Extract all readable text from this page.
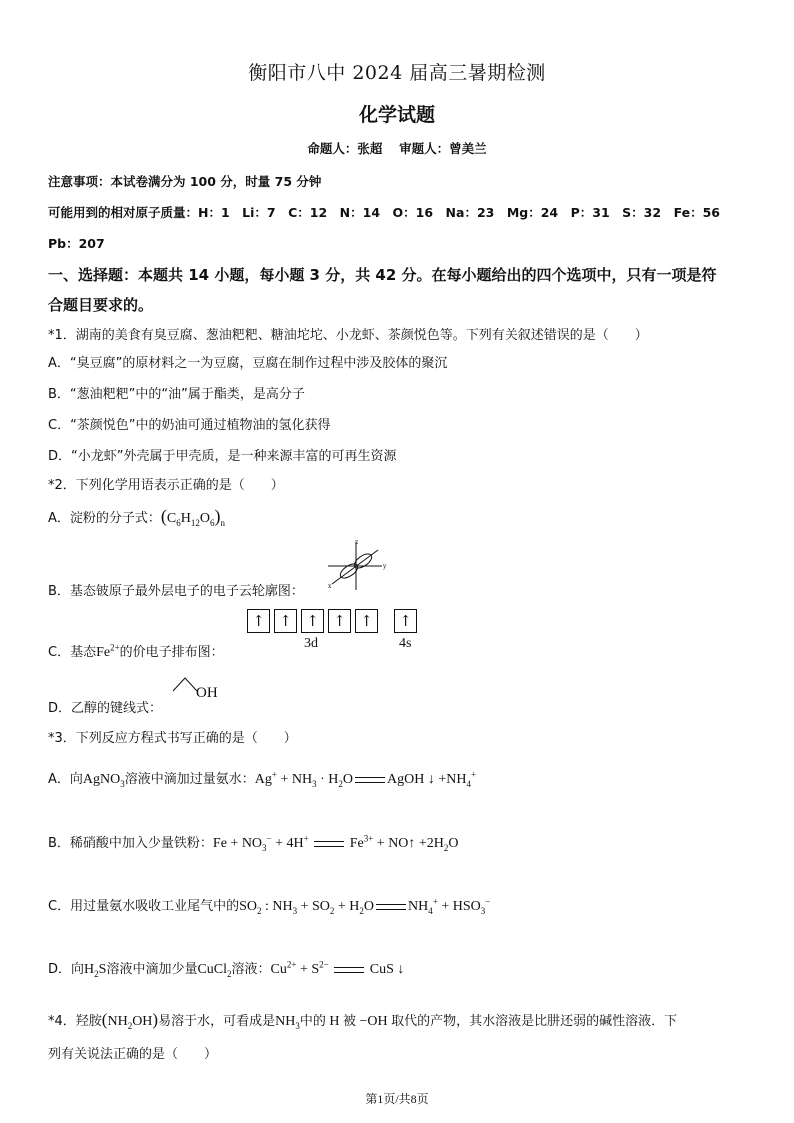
衡阳市八中 2024 届高三暑期检测
化学试题
命题人：张超　 审题人：曾美兰
注意事项：本试卷满分为 100 分，时量 75 分钟
可能用到的相对原子质量：H：1　Li：7　C：12　N：14　O：16　Na：23　Mg：24　P：31　S：32　Fe：56
Pb：207
一、选择题：本题共 14 小题，每小题 3 分，共 42 分。在每小题给出的四个选项中，只有一项是符
合题目要求的。
*1．湖南的美食有臭豆腐、葱油粑粑、糖油坨坨、小龙虾、茶颜悦色等。下列有关叙述错误的是（　　）
A．“臭豆腐”的原材料之一为豆腐，豆腐在制作过程中涉及胶体的聚沉
B．“葱油粑粑”中的“油”属于酯类，是高分子
C．“茶颜悦色”中的奶油可通过植物油的氢化获得
D．“小龙虾”外壳属于甲壳质，是一种来源丰富的可再生资源
*2．下列化学用语表示正确的是（　　）
A．淀粉的分子式：$(C_6H_{12}O_6)_n$
B．基态铍原子最外层电子的电子云轮廓图：
y
z
x
C．基态$Fe^{2+}$的价电子排布图：
↑ ↑ ↑ ↑ ↑	↑
3d	4s
D．乙醇的键线式：
OH
*3．下列反应方程式书写正确的是（　　）
A．向AgNO$_3$溶液中滴加过量氨水：$Ag^+ + NH_3 \cdot H_2O$ AgOH ↓ $+NH_4^+$
B．稀硝酸中加入少量铁粉：$Fe + NO_3^- + 4H^+$	$Fe^{3+}$ + NO↑ $+2H_2O$
C．用过量氨水吸收工业尾气中的$SO_2$ : $NH_3 + SO_2 + H_2O$ $NH_4^+ + HSO_3^-$
D．向$H_2S$溶液中滴加少量CuCl$_2$溶液：$Cu^{2+} + S^{2-}$	CuS ↓
*4．羟胺$(NH_2OH)$易溶于水，可看成是$NH_3$中的 H 被 −OH 取代的产物，其水溶液是比肼还弱的碱性溶液．下
列有关说法正确的是（　　）
第1页/共8页
